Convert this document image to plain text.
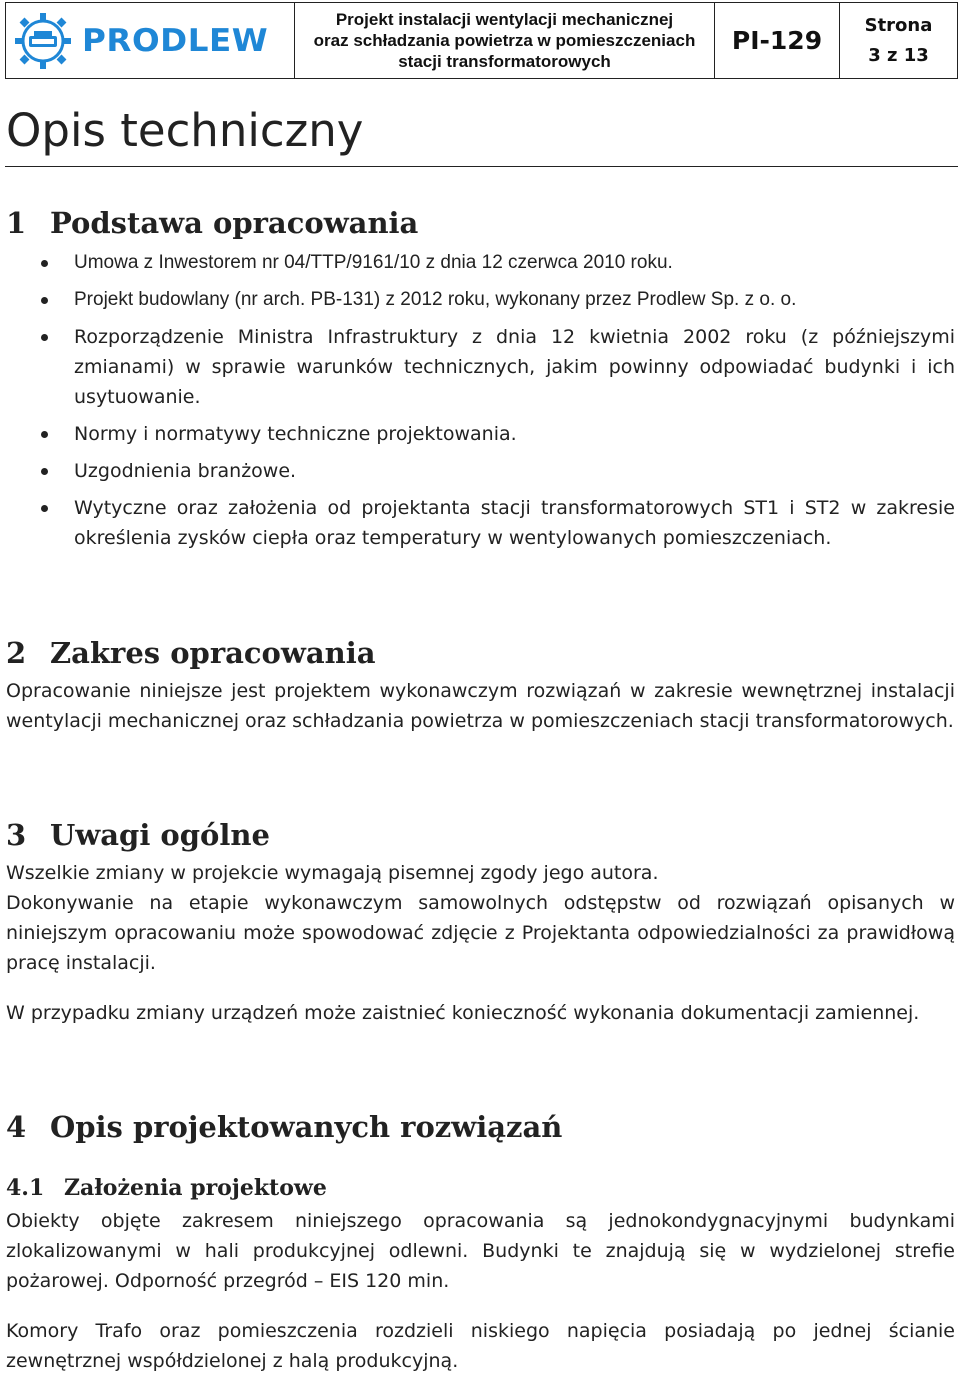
PRODLEW
Projekt instalacji wentylacji mechanicznej
oraz schładzania powietrza w pomieszczeniach
stacji transformatorowych
PI-129
Strona
3 z 13
Opis techniczny
1 Podstawa opracowania
Umowa z Inwestorem nr 04/TTP/9161/10 z dnia 12 czerwca 2010 roku.
Projekt budowlany (nr arch. PB-131) z 2012 roku, wykonany przez Prodlew Sp. z o. o.
Rozporządzenie Ministra Infrastruktury z dnia 12 kwietnia 2002 roku (z późniejszymi zmianami) w sprawie warunków technicznych, jakim powinny odpowiadać budynki i ich usytuowanie.
Normy i normatywy techniczne projektowania.
Uzgodnienia branżowe.
Wytyczne oraz założenia od projektanta stacji transformatorowych ST1 i ST2 w zakresie określenia zysków ciepła oraz temperatury w wentylowanych pomieszczeniach.
2 Zakres opracowania

Opracowanie niniejsze jest projektem wykonawczym rozwiązań w zakresie wewnętrznej instalacji wentylacji mechanicznej oraz schładzania powietrza w pomieszczeniach stacji transformatorowych.

3 Uwagi ogólne

Wszelkie zmiany w projekcie wymagają pisemnej zgody jego autora.

Dokonywanie na etapie wykonawczym samowolnych odstępstw od rozwiązań opisanych w niniejszym opracowaniu może spowodować zdjęcie z Projektanta odpowiedzialności za prawidłową pracę instalacji.

W przypadku zmiany urządzeń może zaistnieć konieczność wykonania dokumentacji zamiennej.

4 Opis projektowanych rozwiązań
4.1 Założenia projektowe

Obiekty objęte zakresem niniejszego opracowania są jednokondygnacyjnymi budynkami zlokalizowanymi w hali produkcyjnej odlewni. Budynki te znajdują się w wydzielonej strefie pożarowej. Odporność przegród – EIS 120 min.

Komory Trafo oraz pomieszczenia rozdzieli niskiego napięcia posiadają po jednej ścianie zewnętrznej współdzielonej z halą produkcyjną.
